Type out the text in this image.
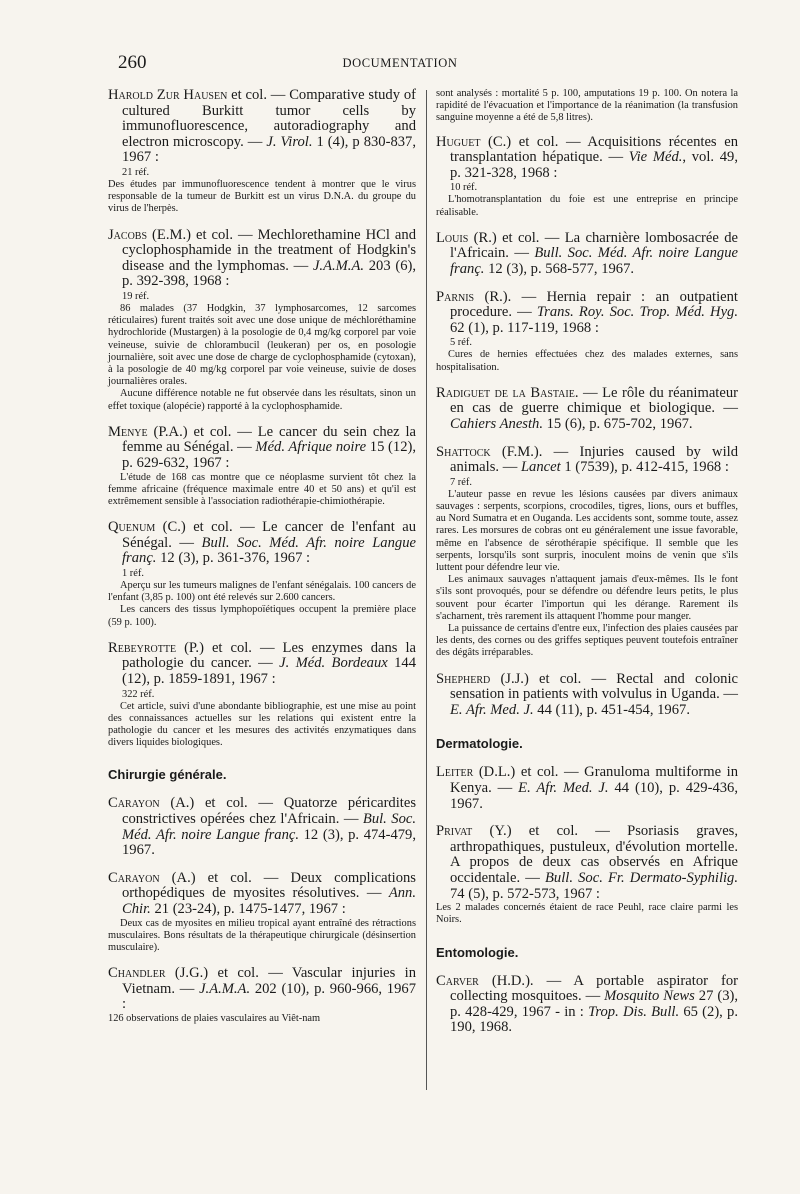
260	DOCUMENTATION
Harold Zur Hausen et col. — Comparative study of cultured Burkitt tumor cells by immunofluorescence, autoradiography and electron microscopy. — J. Virol. 1 (4), p 830-837, 1967 :
21 réf.

Des études par immunofluorescence tendent à montrer que le virus responsable de la tumeur de Burkitt est un virus D.N.A. du groupe du virus de l'herpès.

Jacobs (E.M.) et col. — Mechlorethamine HCl and cyclophosphamide in the treatment of Hodgkin's disease and the lymphomas. — J.A.M.A. 203 (6), p. 392-398, 1968 :
19 réf.

86 malades (37 Hodgkin, 37 lymphosarcomes, 12 sarcomes réticulaires) furent traités soit avec une dose unique de méchloréthamine hydrochloride (Mustargen) à la posologie de 0,4 mg/kg corporel par voie veineuse, suivie de chlorambucil (leukeran) per os, en posologie journalière, soit avec une dose de charge de cyclophosphamide (cytoxan), à la posologie de 40 mg/kg corporel par voie veineuse, suivie de doses journalières orales.

Aucune différence notable ne fut observée dans les résultats, sinon un effet toxique (alopécie) rapporté à la cyclophosphamide.

Menye (P.A.) et col. — Le cancer du sein chez la femme au Sénégal. — Méd. Afrique noire 15 (12), p. 629-632, 1967 :

L'étude de 168 cas montre que ce néoplasme survient tôt chez la femme africaine (fréquence maximale entre 40 et 50 ans) et qu'il est extrêmement sensible à l'association radiothérapie-chimiothérapie.

Quenum (C.) et col. — Le cancer de l'enfant au Sénégal. — Bull. Soc. Méd. Afr. noire Langue franç. 12 (3), p. 361-376, 1967 :
1 réf.

Aperçu sur les tumeurs malignes de l'enfant sénégalais. 100 cancers de l'enfant (3,85 p. 100) ont été relevés sur 2.600 cancers.

Les cancers des tissus lymphopoïétiques occupent la première place (59 p. 100).

Rebeyrotte (P.) et col. — Les enzymes dans la pathologie du cancer. — J. Méd. Bordeaux 144 (12), p. 1859-1891, 1967 :
322 réf.

Cet article, suivi d'une abondante bibliographie, est une mise au point des connaissances actuelles sur les relations qui existent entre la pathologie du cancer et les mesures des activités enzymatiques dans divers liquides biologiques.

Chirurgie générale.
Carayon (A.) et col. — Quatorze péricardites constrictives opérées chez l'Africain. — Bul. Soc. Méd. Afr. noire Langue franç. 12 (3), p. 474-479, 1967.
Carayon (A.) et col. — Deux complications orthopédiques de myosites résolutives. — Ann. Chir. 21 (23-24), p. 1475-1477, 1967 :

Deux cas de myosites en milieu tropical ayant entraîné des rétractions musculaires. Bons résultats de la thérapeutique chirurgicale (désinsertion musculaire).

Chandler (J.G.) et col. — Vascular injuries in Vietnam. — J.A.M.A. 202 (10), p. 960-966, 1967 :

126 observations de plaies vasculaires au Viêt-nam

sont analysés : mortalité 5 p. 100, amputations 19 p. 100. On notera la rapidité de l'évacuation et l'importance de la réanimation (la transfusion sanguine moyenne a été de 5,8 litres).
Huguet (C.) et col. — Acquisitions récentes en transplantation hépatique. — Vie Méd., vol. 49, p. 321-328, 1968 :
10 réf.

L'homotransplantation du foie est une entreprise en principe réalisable.

Louis (R.) et col. — La charnière lombosacrée de l'Africain. — Bull. Soc. Méd. Afr. noire Langue franç. 12 (3), p. 568-577, 1967.
Parnis (R.). — Hernia repair : an outpatient procedure. — Trans. Roy. Soc. Trop. Méd. Hyg. 62 (1), p. 117-119, 1968 :
5 réf.

Cures de hernies effectuées chez des malades externes, sans hospitalisation.

Radiguet de la Bastaie. — Le rôle du réanimateur en cas de guerre chimique et biologique. — Cahiers Anesth. 15 (6), p. 675-702, 1967.
Shattock (F.M.). — Injuries caused by wild animals. — Lancet 1 (7539), p. 412-415, 1968 :
7 réf.

L'auteur passe en revue les lésions causées par divers animaux sauvages : serpents, scorpions, crocodiles, tigres, lions, ours et buffles, au Nord Sumatra et en Ouganda. Les accidents sont, somme toute, assez rares. Les morsures de cobras ont eu généralement une issue favorable, même en l'absence de sérothérapie spécifique. Il semble que les serpents, lorsqu'ils sont surpris, inoculent moins de venin que s'ils luttent pour défendre leur vie.

Les animaux sauvages n'attaquent jamais d'eux-mêmes. Ils le font s'ils sont provoqués, pour se défendre ou défendre leurs petits, le plus souvent pour écarter l'importun qui les dérange. Rarement ils s'acharnent, très rarement ils attaquent l'homme pour manger.

La puissance de certains d'entre eux, l'infection des plaies causées par les dents, des cornes ou des griffes septiques peuvent toutefois entraîner des dégâts irréparables.

Shepherd (J.J.) et col. — Rectal and colonic sensation in patients with volvulus in Uganda. — E. Afr. Med. J. 44 (11), p. 451-454, 1967.
Dermatologie.
Leiter (D.L.) et col. — Granuloma multiforme in Kenya. — E. Afr. Med. J. 44 (10), p. 429-436, 1967.
Privat (Y.) et col. — Psoriasis graves, arthropathiques, pustuleux, d'évolution mortelle. A propos de deux cas observés en Afrique occidentale. — Bull. Soc. Fr. Dermato-Syphilig. 74 (5), p. 572-573, 1967 :

Les 2 malades concernés étaient de race Peuhl, race claire parmi les Noirs.

Entomologie.
Carver (H.D.). — A portable aspirator for collecting mosquitoes. — Mosquito News 27 (3), p. 428-429, 1967 - in : Trop. Dis. Bull. 65 (2), p. 190, 1968.
